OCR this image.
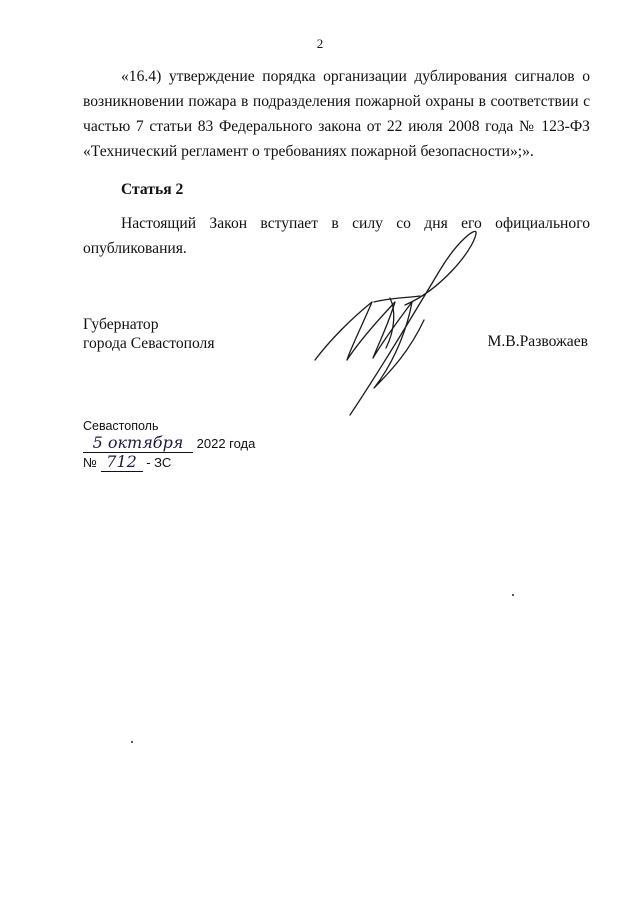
2
«16.4) утверждение порядка организации дублирования сигналов о возникновении пожара в подразделения пожарной охраны в соответствии с частью 7 статьи 83 Федерального закона от 22 июля 2008 года № 123-ФЗ «Технический регламент о требованиях пожарной безопасности»;».
Статья 2
Настоящий Закон вступает в силу со дня его официального опубликования.
Губернатор
города Севастополя	М.В.Развожаев
Севастополь
5 октября 2022 года
№ 712 - ЗС
